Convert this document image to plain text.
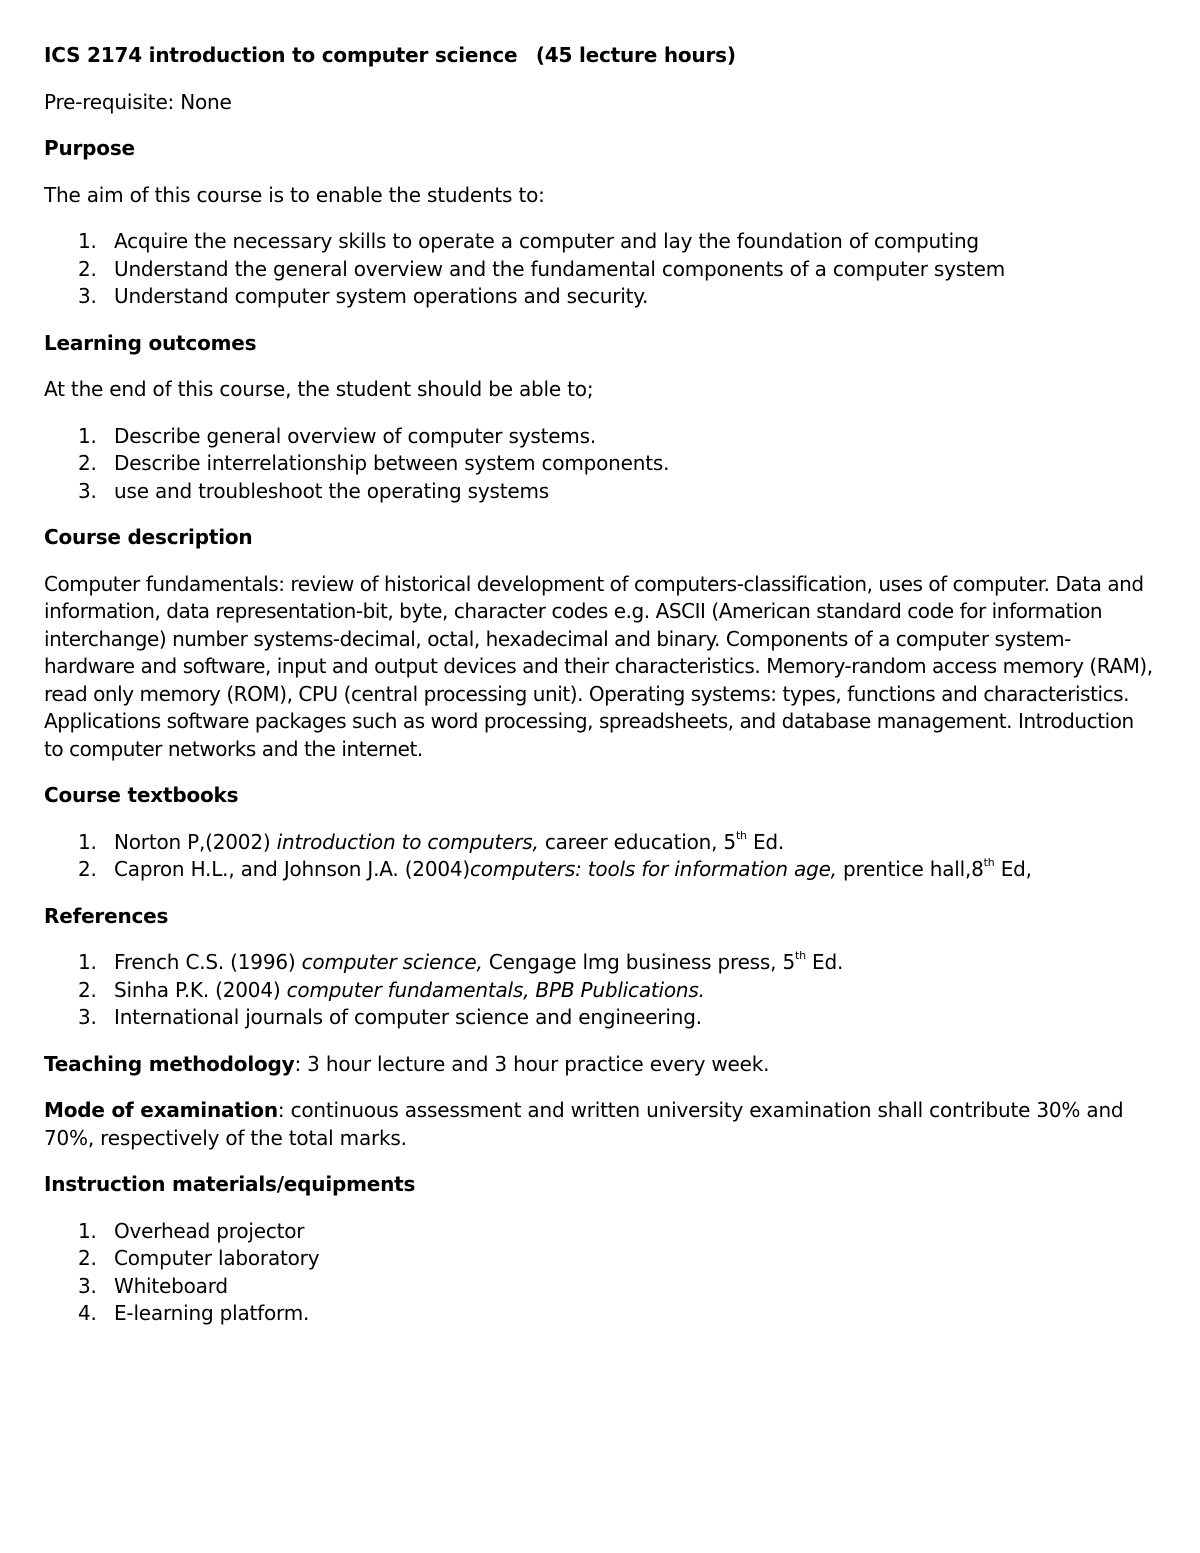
ICS 2174 introduction to computer science (45 lecture hours)

Pre-requisite: None

Purpose

The aim of this course is to enable the students to:

1. Acquire the necessary skills to operate a computer and lay the foundation of computing
2. Understand the general overview and the fundamental components of a computer system
3. Understand computer system operations and security.

Learning outcomes

At the end of this course, the student should be able to;

1. Describe general overview of computer systems.
2. Describe interrelationship between system components.
3. use and troubleshoot the operating systems

Course description

Computer fundamentals: review of historical development of computers-classification, uses of computer. Data and information, data representation-bit, byte, character codes e.g. ASCII (American standard code for information interchange) number systems-decimal, octal, hexadecimal and binary. Components of a computer system-hardware and software, input and output devices and their characteristics. Memory-random access memory (RAM), read only memory (ROM), CPU (central processing unit). Operating systems: types, functions and characteristics. Applications software packages such as word processing, spreadsheets, and database management. Introduction to computer networks and the internet.

Course textbooks

1. Norton P,(2002) introduction to computers, career education, 5th Ed.
2. Capron H.L., and Johnson J.A. (2004)computers: tools for information age, prentice hall,8th Ed,

References

1. French C.S. (1996) computer science, Cengage lmg business press, 5th Ed.
2. Sinha P.K. (2004) computer fundamentals, BPB Publications.
3. International journals of computer science and engineering.

Teaching methodology: 3 hour lecture and 3 hour practice every week.

Mode of examination: continuous assessment and written university examination shall contribute 30% and 70%, respectively of the total marks.

Instruction materials/equipments

1. Overhead projector
2. Computer laboratory
3. Whiteboard
4. E-learning platform.
